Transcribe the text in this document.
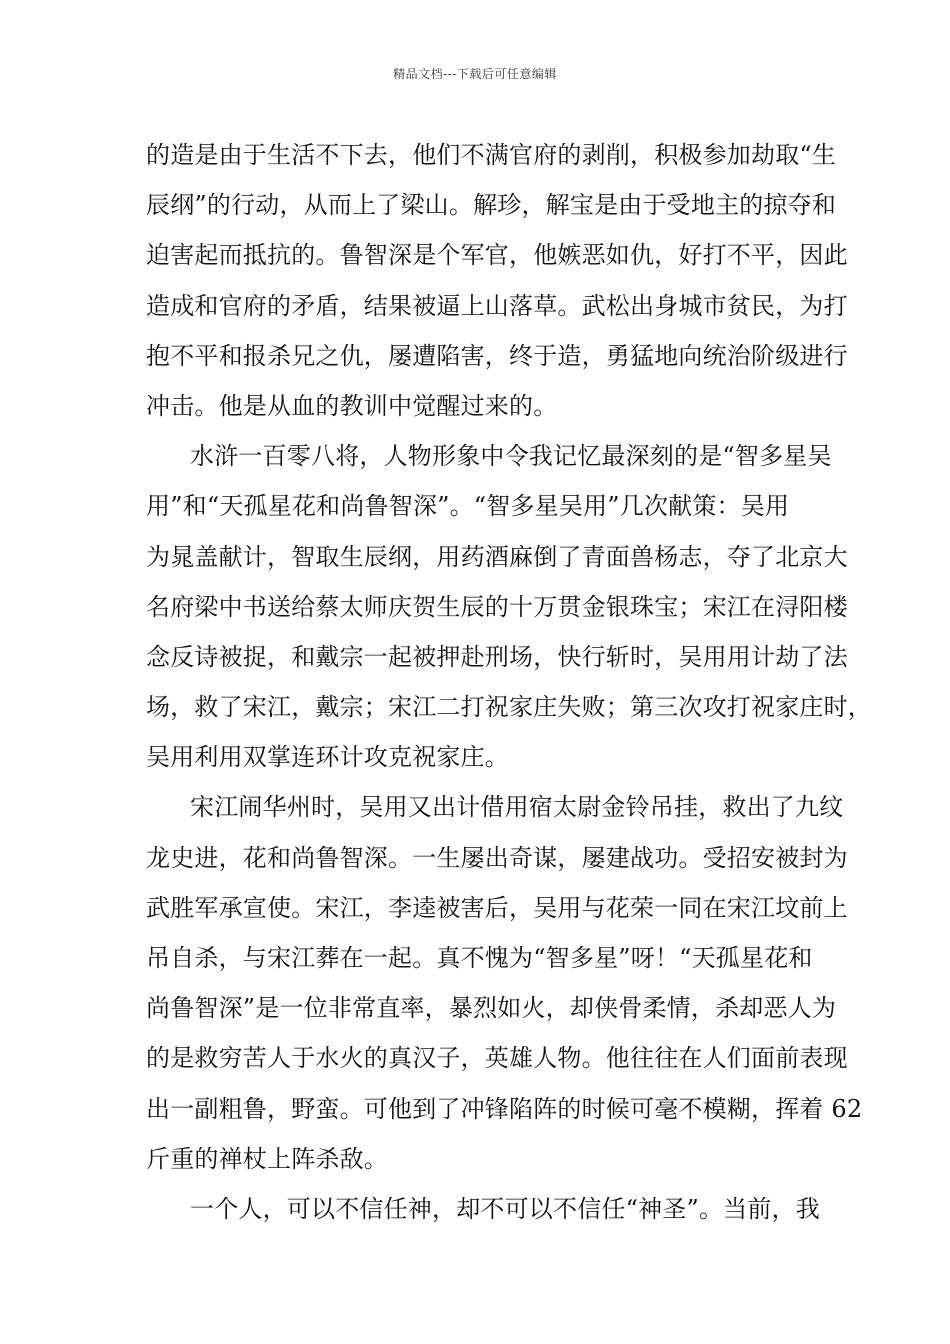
精品文档---下载后可任意编辑
的造是由于生活不下去，他们不满官府的剥削，积极参加劫取“生
辰纲”的行动，从而上了梁山。解珍，解宝是由于受地主的掠夺和
迫害起而抵抗的。鲁智深是个军官，他嫉恶如仇，好打不平，因此
造成和官府的矛盾，结果被逼上山落草。武松出身城市贫民，为打
抱不平和报杀兄之仇，屡遭陷害，终于造，勇猛地向统治阶级进行
冲击。他是从血的教训中觉醒过来的。
水浒一百零八将，人物形象中令我记忆最深刻的是“智多星吴
用”和“天孤星花和尚鲁智深”。“智多星吴用”几次献策：吴用
为晁盖献计，智取生辰纲，用药酒麻倒了青面兽杨志，夺了北京大
名府梁中书送给蔡太师庆贺生辰的十万贯金银珠宝；宋江在浔阳楼
念反诗被捉，和戴宗一起被押赴刑场，快行斩时，吴用用计劫了法
场，救了宋江，戴宗；宋江二打祝家庄失败；第三次攻打祝家庄时，
吴用利用双掌连环计攻克祝家庄。
宋江闹华州时，吴用又出计借用宿太尉金铃吊挂，救出了九纹
龙史进，花和尚鲁智深。一生屡出奇谋，屡建战功。受招安被封为
武胜军承宣使。宋江，李逵被害后，吴用与花荣一同在宋江坟前上
吊自杀，与宋江葬在一起。真不愧为“智多星”呀！“天孤星花和
尚鲁智深”是一位非常直率，暴烈如火，却侠骨柔情，杀却恶人为
的是救穷苦人于水火的真汉子，英雄人物。他往往在人们面前表现
出一副粗鲁，野蛮。可他到了冲锋陷阵的时候可毫不模糊，挥着 62
斤重的禅杖上阵杀敌。
一个人，可以不信任神，却不可以不信任“神圣”。当前，我
